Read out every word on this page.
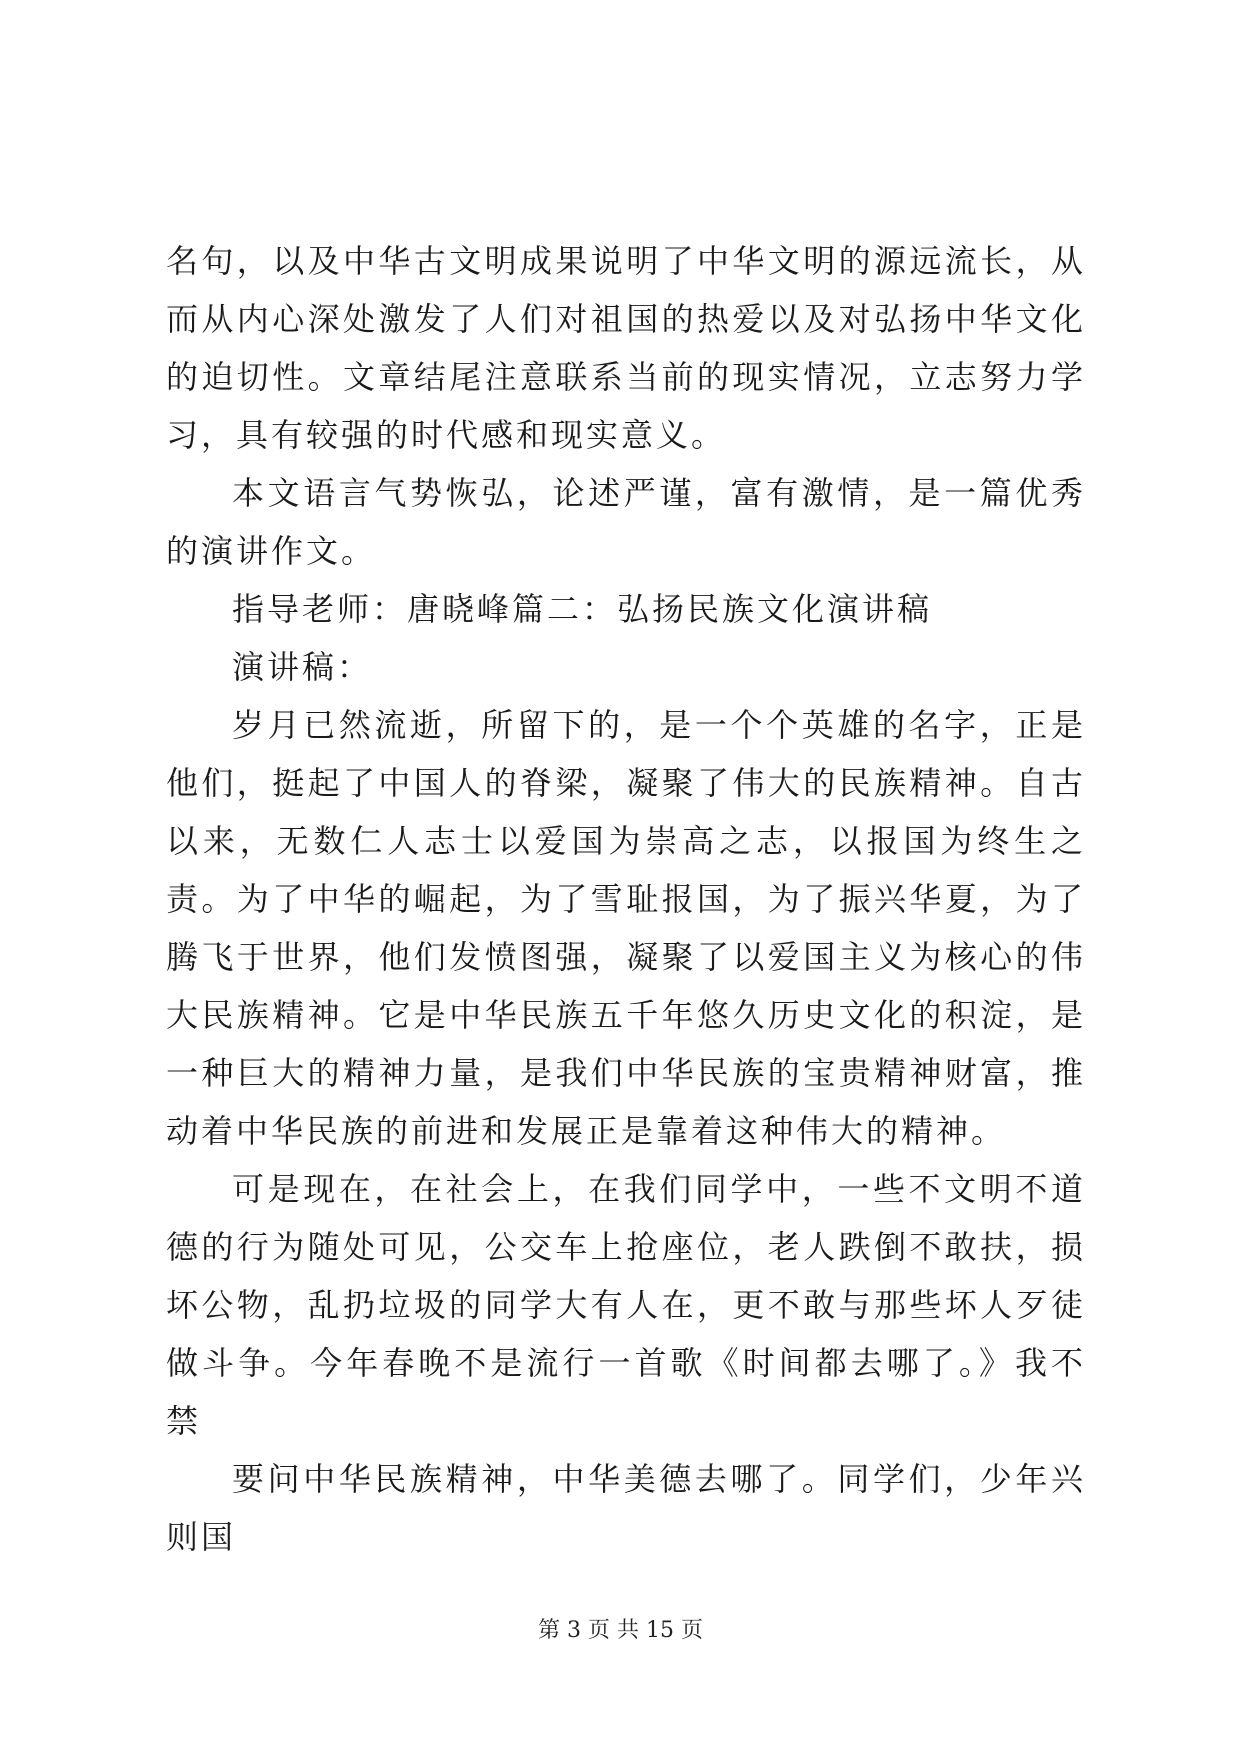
名句，以及中华古文明成果说明了中华文明的源远流长，从而从内心深处激发了人们对祖国的热爱以及对弘扬中华文化的迫切性。文章结尾注意联系当前的现实情况，立志努力学习，具有较强的时代感和现实意义。

本文语言气势恢弘，论述严谨，富有激情，是一篇优秀的演讲作文。

指导老师：唐晓峰篇二：弘扬民族文化演讲稿

演讲稿：

岁月已然流逝，所留下的，是一个个英雄的名字，正是他们，挺起了中国人的脊梁，凝聚了伟大的民族精神。自古以来，无数仁人志士以爱国为崇高之志，以报国为终生之责。为了中华的崛起，为了雪耻报国，为了振兴华夏，为了腾飞于世界，他们发愤图强，凝聚了以爱国主义为核心的伟大民族精神。它是中华民族五千年悠久历史文化的积淀，是一种巨大的精神力量，是我们中华民族的宝贵精神财富，推动着中华民族的前进和发展正是靠着这种伟大的精神。

可是现在，在社会上，在我们同学中，一些不文明不道德的行为随处可见，公交车上抢座位，老人跌倒不敢扶，损坏公物，乱扔垃圾的同学大有人在，更不敢与那些坏人歹徒做斗争。今年春晚不是流行一首歌《时间都去哪了。》我不禁

要问中华民族精神，中华美德去哪了。同学们，少年兴则国

第 3 页 共 15 页
